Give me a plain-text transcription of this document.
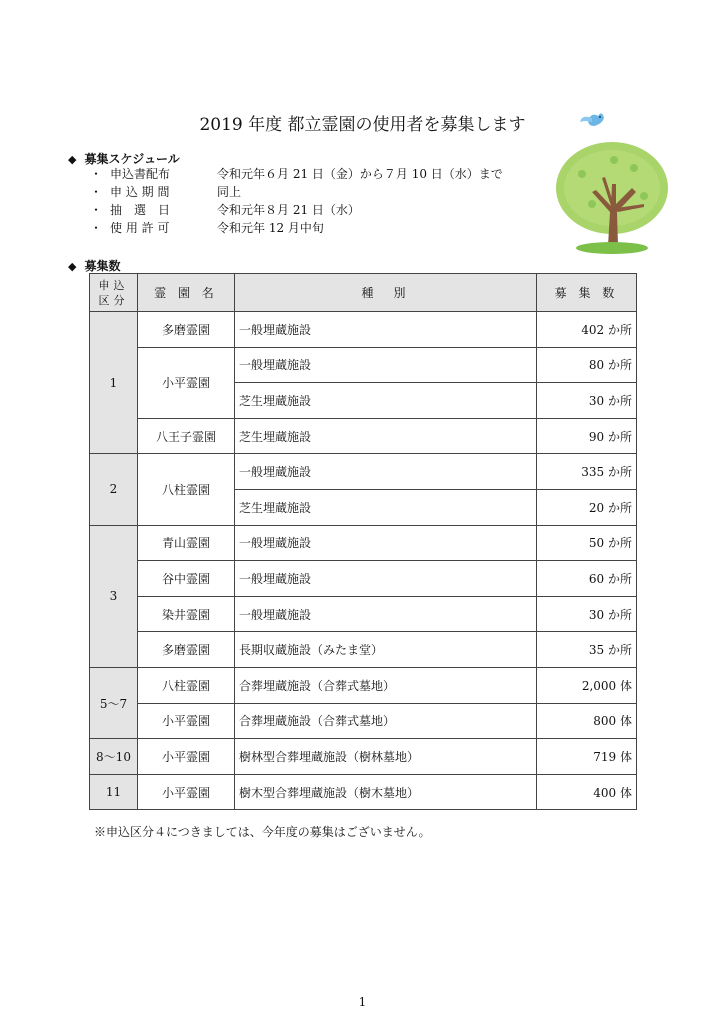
2019 年度 都立霊園の使用者を募集します
◆ 募集スケジュール
・ 申込書配布	令和元年６月 21 日（金）から７月 10 日（水）まで
・ 申 込 期 間	同上
・ 抽　選　日	令和元年８月 21 日（水）
・ 使 用 許 可	令和元年 12 月中旬
◆ 募集数
申込
区分	霊 園 名	種　別	募 集 数
1	多磨霊園	一般埋蔵施設	402 か所
	小平霊園	一般埋蔵施設	80 か所
		芝生埋蔵施設	30 か所
	八王子霊園	芝生埋蔵施設	90 か所
2	八柱霊園	一般埋蔵施設	335 か所
		芝生埋蔵施設	20 か所
3	青山霊園	一般埋蔵施設	50 か所
	谷中霊園	一般埋蔵施設	60 か所
	染井霊園	一般埋蔵施設	30 か所
	多磨霊園	長期収蔵施設（みたま堂）	35 か所
5～7	八柱霊園	合葬埋蔵施設（合葬式墓地）	2,000 体
	小平霊園	合葬埋蔵施設（合葬式墓地）	800 体
8～10	小平霊園	樹林型合葬埋蔵施設（樹林墓地）	719 体
11	小平霊園	樹木型合葬埋蔵施設（樹木墓地）	400 体
※申込区分４につきましては、今年度の募集はございません。
1
